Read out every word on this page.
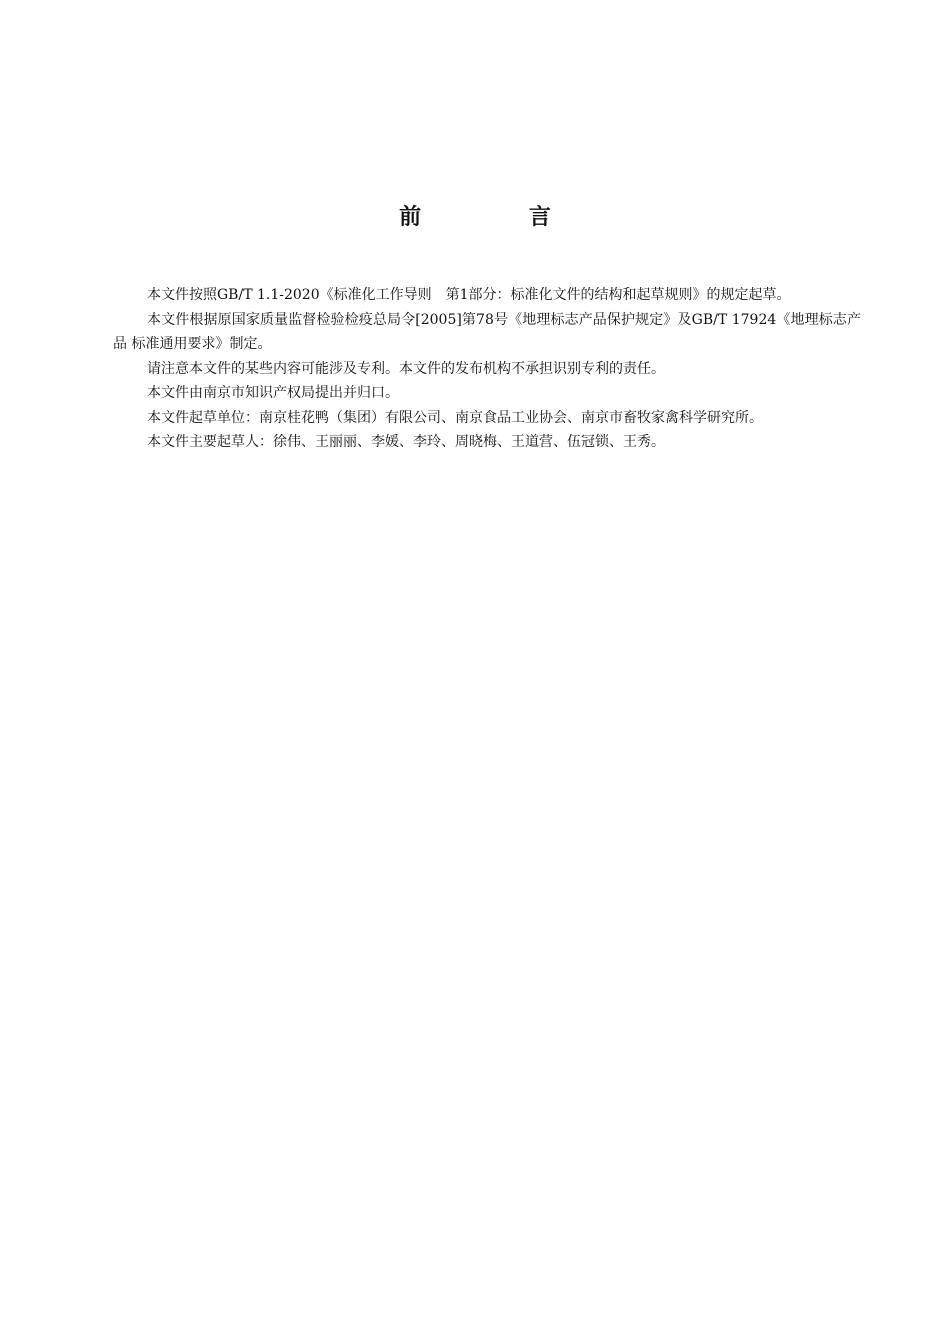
前 言

本文件按照GB/T 1.1-2020《标准化工作导则　第1部分：标准化文件的结构和起草规则》的规定起草。

本文件根据原国家质量监督检验检疫总局令[2005]第78号《地理标志产品保护规定》及GB/T 17924《地理标志产品 标准通用要求》制定。

请注意本文件的某些内容可能涉及专利。本文件的发布机构不承担识别专利的责任。

本文件由南京市知识产权局提出并归口。

本文件起草单位：南京桂花鸭（集团）有限公司、南京食品工业协会、南京市畜牧家禽科学研究所。

本文件主要起草人：徐伟、王丽丽、李媛、李玲、周晓梅、王道营、伍冠锁、王秀。
